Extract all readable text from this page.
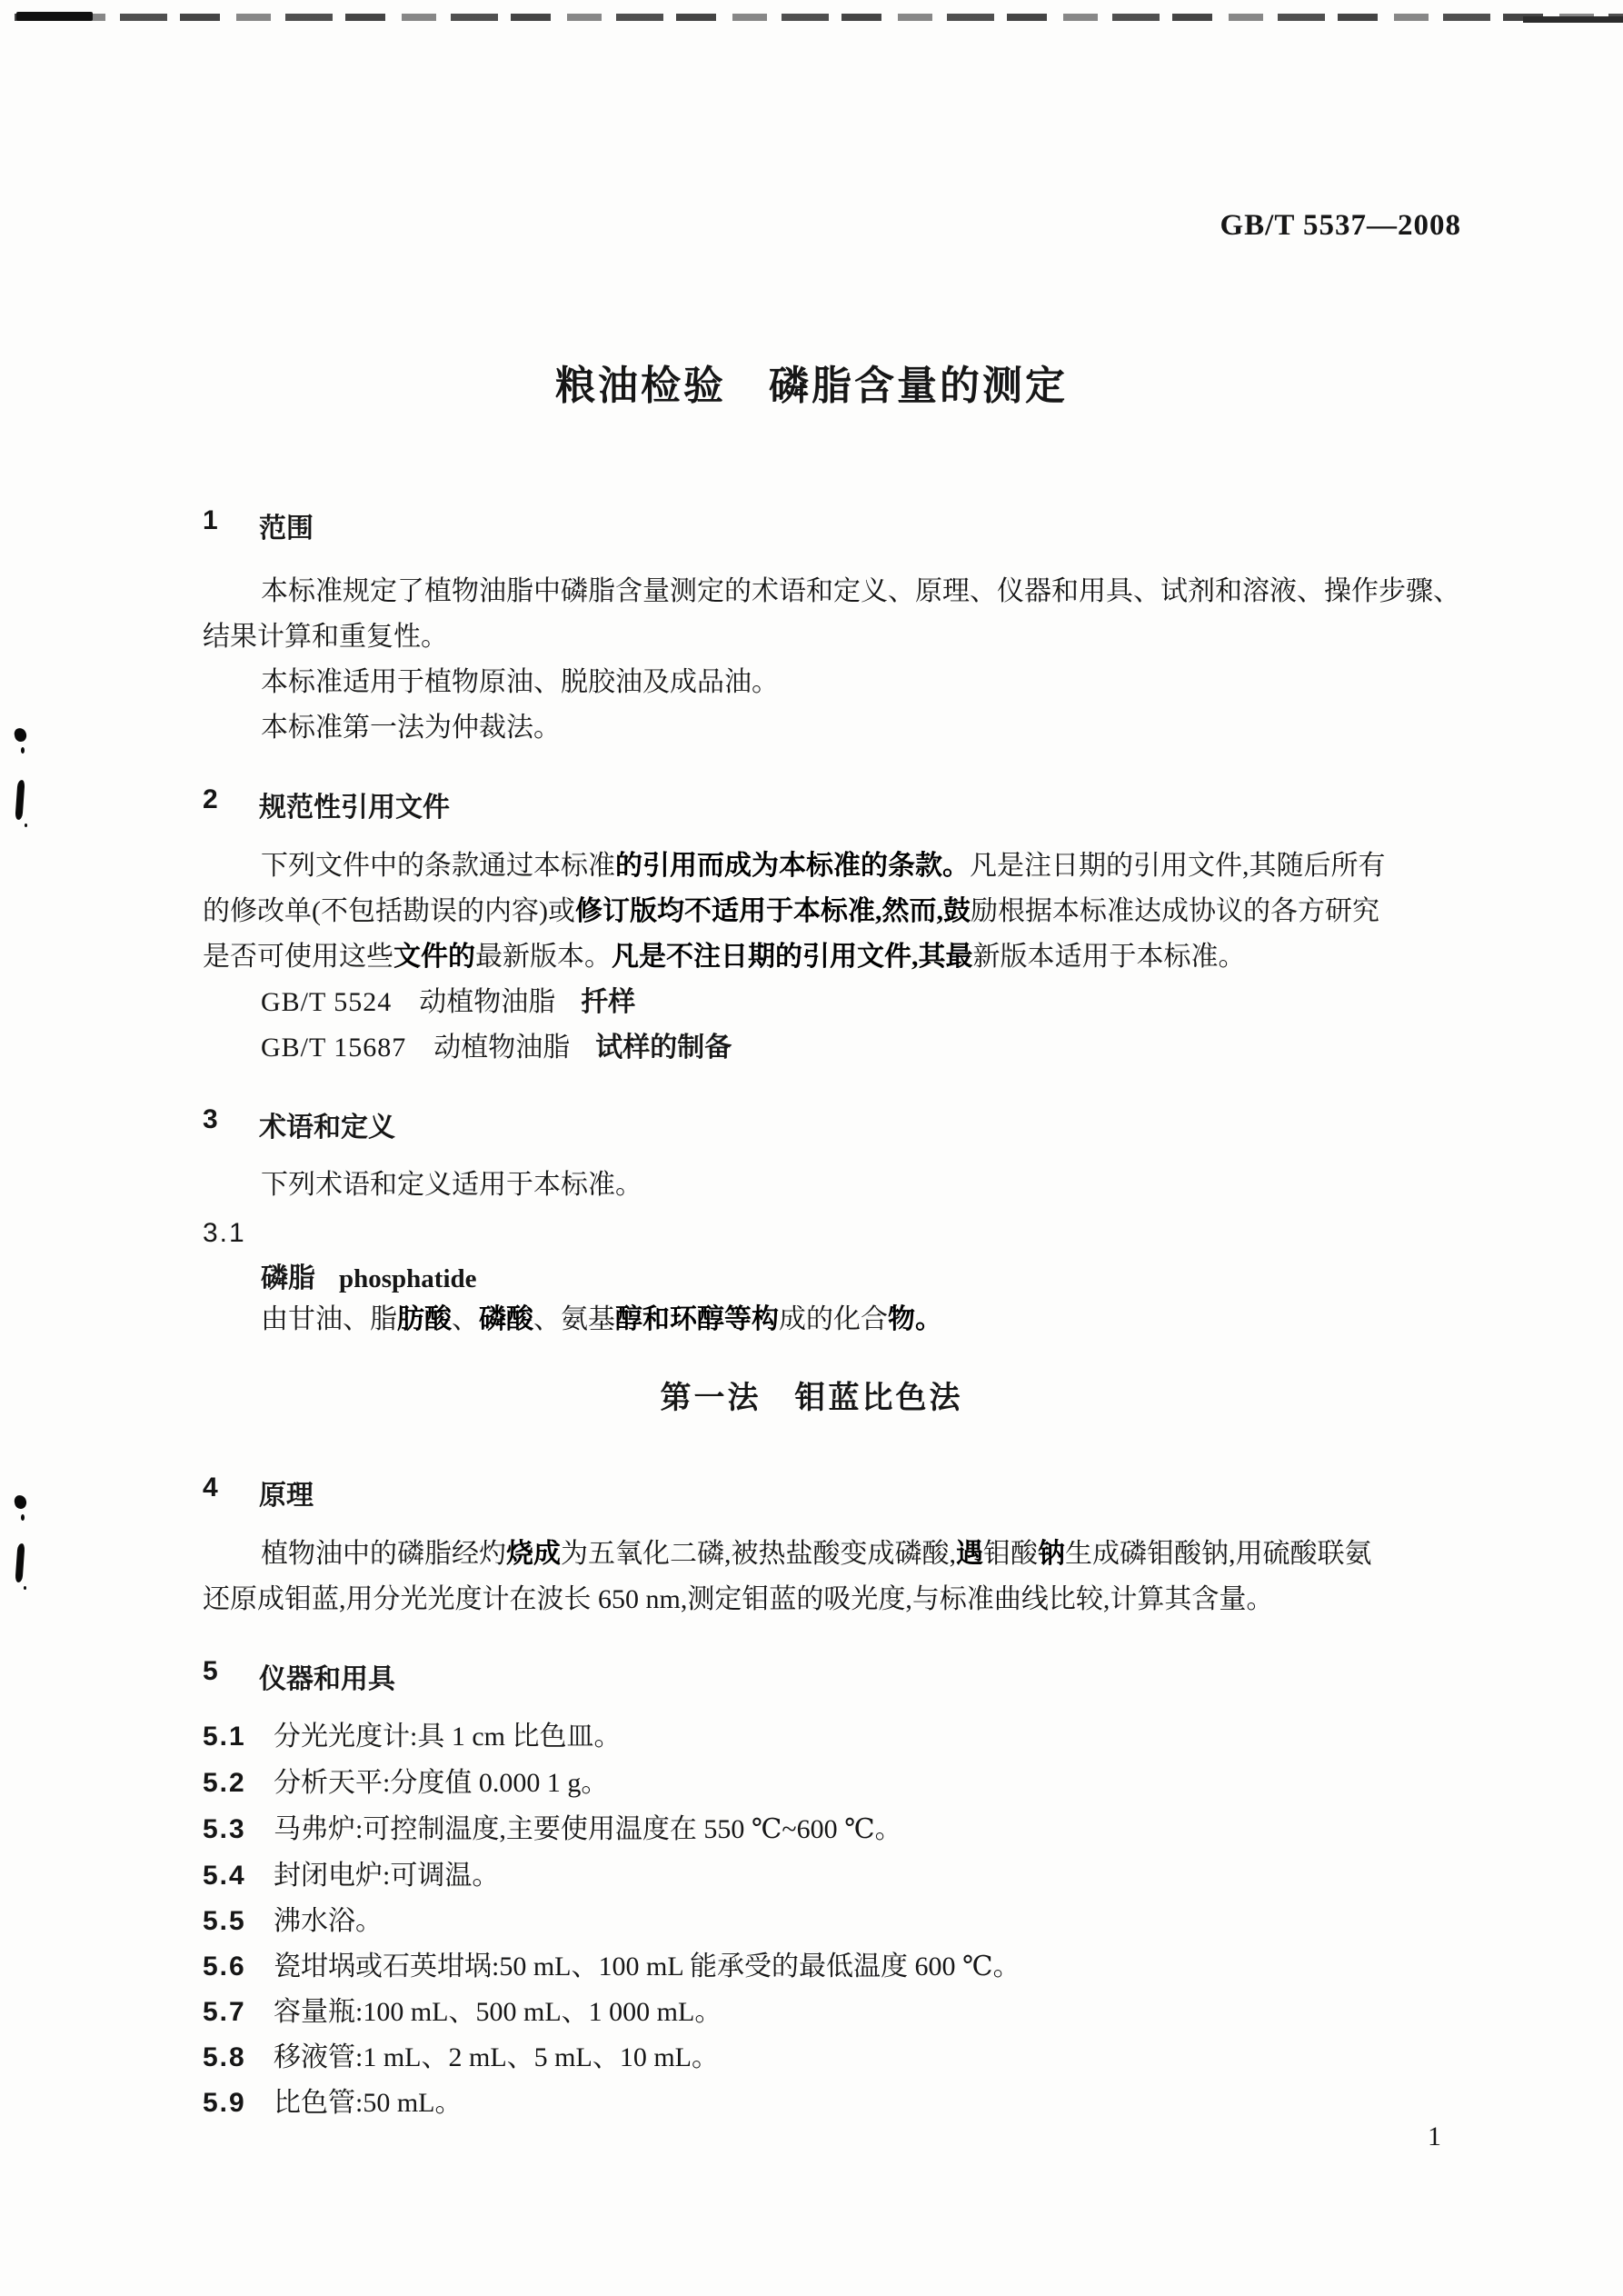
GB/T 5537—2008
粮油检验　磷脂含量的测定
1	范围
本标准规定了植物油脂中磷脂含量测定的术语和定义、原理、仪器和用具、试剂和溶液、操作步骤、
结果计算和重复性。
本标准适用于植物原油、脱胶油及成品油。
本标准第一法为仲裁法。
2	规范性引用文件
下列文件中的条款通过本标准的引用而成为本标准的条款。凡是注日期的引用文件,其随后所有
的修改单(不包括勘误的内容)或修订版均不适用于本标准,然而,鼓励根据本标准达成协议的各方研究
是否可使用这些文件的最新版本。凡是不注日期的引用文件,其最新版本适用于本标准。
GB/T 5524 动植物油脂 扦样
GB/T 15687 动植物油脂 试样的制备
3	术语和定义
下列术语和定义适用于本标准。
3.1
磷脂 phosphatide
由甘油、脂肪酸、磷酸、氨基醇和环醇等构成的化合物。
第一法　钼蓝比色法
4	原理
植物油中的磷脂经灼烧成为五氧化二磷,被热盐酸变成磷酸,遇钼酸钠生成磷钼酸钠,用硫酸联氨
还原成钼蓝,用分光光度计在波长 650 nm,测定钼蓝的吸光度,与标准曲线比较,计算其含量。
5	仪器和用具
5.1	分光光度计:具 1 cm 比色皿。
5.2	分析天平:分度值 0.000 1 g。
5.3	马弗炉:可控制温度,主要使用温度在 550 ℃~600 ℃。
5.4	封闭电炉:可调温。
5.5	沸水浴。
5.6	瓷坩埚或石英坩埚:50 mL、100 mL 能承受的最低温度 600 ℃。
5.7	容量瓶:100 mL、500 mL、1 000 mL。
5.8	移液管:1 mL、2 mL、5 mL、10 mL。
5.9	比色管:50 mL。
1
